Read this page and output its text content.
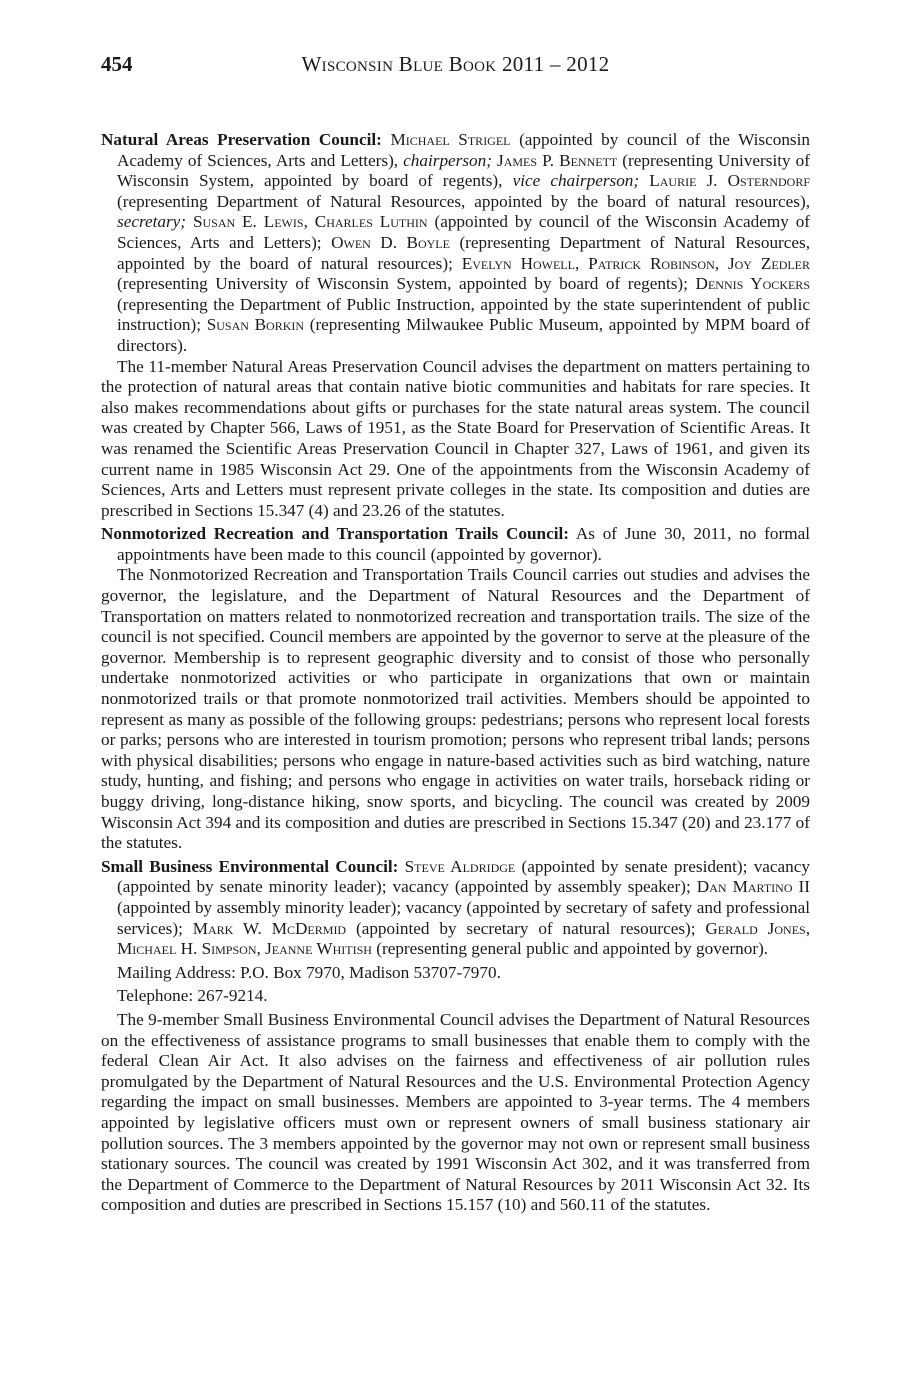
454	Wisconsin Blue Book 2011 – 2012

Natural Areas Preservation Council: Michael Strigel (appointed by council of the Wisconsin Academy of Sciences, Arts and Letters), chairperson; James P. Bennett (representing University of Wisconsin System, appointed by board of regents), vice chairperson; Laurie J. Osterndorf (representing Department of Natural Resources, appointed by the board of natural resources), secretary; Susan E. Lewis, Charles Luthin (appointed by council of the Wisconsin Academy of Sciences, Arts and Letters); Owen D. Boyle (representing Department of Natural Resources, appointed by the board of natural resources); Evelyn Howell, Patrick Robinson, Joy Zedler (representing University of Wisconsin System, appointed by board of regents); Dennis Yockers (representing the Department of Public Instruction, appointed by the state superintendent of public instruction); Susan Borkin (representing Milwaukee Public Museum, appointed by MPM board of directors).

The 11-member Natural Areas Preservation Council advises the department on matters pertaining to the protection of natural areas that contain native biotic communities and habitats for rare species. It also makes recommendations about gifts or purchases for the state natural areas system. The council was created by Chapter 566, Laws of 1951, as the State Board for Preservation of Scientific Areas. It was renamed the Scientific Areas Preservation Council in Chapter 327, Laws of 1961, and given its current name in 1985 Wisconsin Act 29. One of the appointments from the Wisconsin Academy of Sciences, Arts and Letters must represent private colleges in the state. Its composition and duties are prescribed in Sections 15.347 (4) and 23.26 of the statutes.

Nonmotorized Recreation and Transportation Trails Council: As of June 30, 2011, no formal appointments have been made to this council (appointed by governor).

The Nonmotorized Recreation and Transportation Trails Council carries out studies and advises the governor, the legislature, and the Department of Natural Resources and the Department of Transportation on matters related to nonmotorized recreation and transportation trails. The size of the council is not specified. Council members are appointed by the governor to serve at the pleasure of the governor. Membership is to represent geographic diversity and to consist of those who personally undertake nonmotorized activities or who participate in organizations that own or maintain nonmotorized trails or that promote nonmotorized trail activities. Members should be appointed to represent as many as possible of the following groups: pedestrians; persons who represent local forests or parks; persons who are interested in tourism promotion; persons who represent tribal lands; persons with physical disabilities; persons who engage in nature-based activities such as bird watching, nature study, hunting, and fishing; and persons who engage in activities on water trails, horseback riding or buggy driving, long-distance hiking, snow sports, and bicycling. The council was created by 2009 Wisconsin Act 394 and its composition and duties are prescribed in Sections 15.347 (20) and 23.177 of the statutes.

Small Business Environmental Council: Steve Aldridge (appointed by senate president); vacancy (appointed by senate minority leader); vacancy (appointed by assembly speaker); Dan Martino II (appointed by assembly minority leader); vacancy (appointed by secretary of safety and professional services); Mark W. McDermid (appointed by secretary of natural resources); Gerald Jones, Michael H. Simpson, Jeanne Whitish (representing general public and appointed by governor).

Mailing Address: P.O. Box 7970, Madison 53707-7970.

Telephone: 267-9214.

The 9-member Small Business Environmental Council advises the Department of Natural Resources on the effectiveness of assistance programs to small businesses that enable them to comply with the federal Clean Air Act. It also advises on the fairness and effectiveness of air pollution rules promulgated by the Department of Natural Resources and the U.S. Environmental Protection Agency regarding the impact on small businesses. Members are appointed to 3-year terms. The 4 members appointed by legislative officers must own or represent owners of small business stationary air pollution sources. The 3 members appointed by the governor may not own or represent small business stationary sources. The council was created by 1991 Wisconsin Act 302, and it was transferred from the Department of Commerce to the Department of Natural Resources by 2011 Wisconsin Act 32. Its composition and duties are prescribed in Sections 15.157 (10) and 560.11 of the statutes.
